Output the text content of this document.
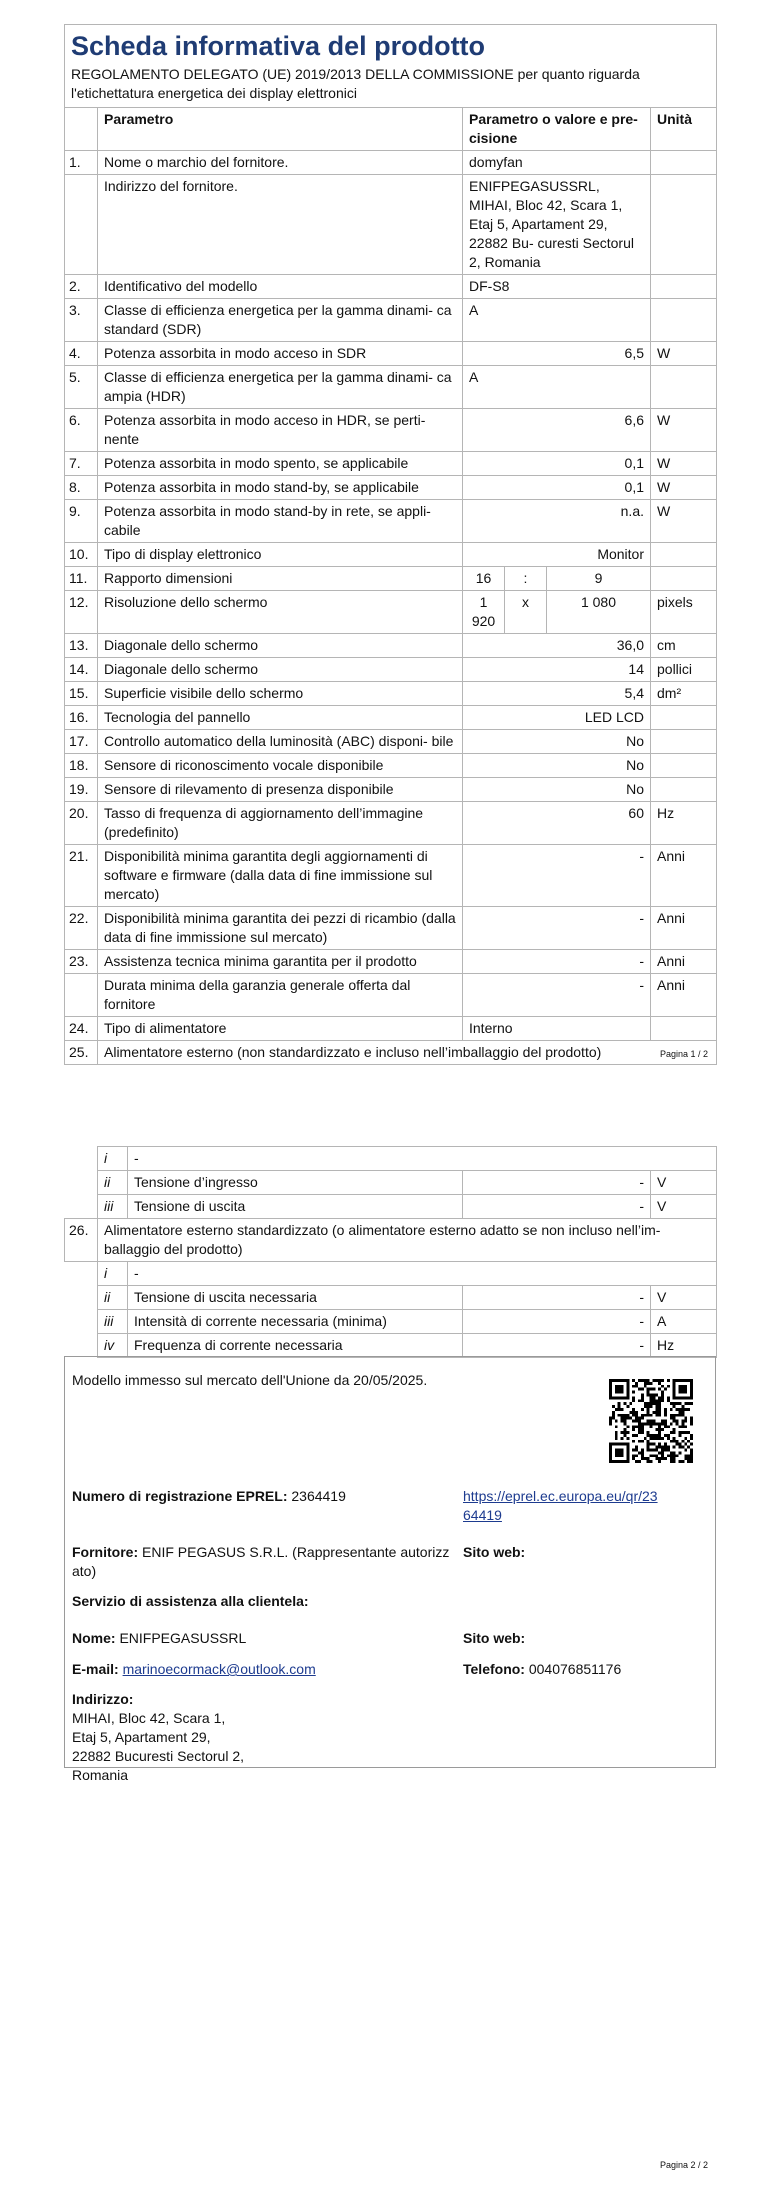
Scheda informativa del prodotto					
REGOLAMENTO DELEGATO (UE) 2019/2013 DELLA COMMISSIONE per quanto riguarda l'etichettatura energetica dei display elettronici					
	Parametro	Parametro o valore e pre- cisione			Unità
1.	Nome o marchio del fornitore.	domyfan			
	Indirizzo del fornitore.	ENIFPEGASUSSRL, MIHAI, Bloc 42, Scara 1, Etaj 5, Apartament 29, 22882 Bu- curesti Sectorul 2, Romania			
2.	Identificativo del modello	DF-S8			
3.	Classe di efficienza energetica per la gamma dinami- ca standard (SDR)	A			
4.	Potenza assorbita in modo acceso in SDR	6,5			W
5.	Classe di efficienza energetica per la gamma dinami- ca ampia (HDR)	A			
6.	Potenza assorbita in modo acceso in HDR, se perti- nente	6,6			W
7.	Potenza assorbita in modo spento, se applicabile	0,1			W
8.	Potenza assorbita in modo stand-by, se applicabile	0,1			W
9.	Potenza assorbita in modo stand-by in rete, se appli- cabile	n.a.			W
10.	Tipo di display elettronico	Monitor			
11.	Rapporto dimensioni	16	:	9	
12.	Risoluzione dello schermo	1 920	x	1 080	pixels
13.	Diagonale dello schermo	36,0			cm
14.	Diagonale dello schermo	14			pollici
15.	Superficie visibile dello schermo	5,4			dm²
16.	Tecnologia del pannello	LED LCD			
17.	Controllo automatico della luminosità (ABC) disponi- bile	No			
18.	Sensore di riconoscimento vocale disponibile	No			
19.	Sensore di rilevamento di presenza disponibile	No			
20.	Tasso di frequenza di aggiornamento dell’immagine (predefinito)	60			Hz
21.	Disponibilità minima garantita degli aggiornamenti di software e firmware (dalla data di fine immissione sul mercato)	-			Anni
22.	Disponibilità minima garantita dei pezzi di ricambio (dalla data di fine immissione sul mercato)	-			Anni
23.	Assistenza tecnica minima garantita per il prodotto	-			Anni
	Durata minima della garanzia generale offerta dal fornitore	-			Anni
24.	Tipo di alimentatore	Interno			
25.	Alimentatore esterno (non standardizzato e incluso nell’imballaggio del prodotto)					Pagina 1 / 2
	i	-		
	ii	Tensione d’ingresso	-	V
	iii	Tensione di uscita	-	V
26.	Alimentatore esterno standardizzato (o alimentatore esterno adatto se non incluso nell’im- ballaggio del prodotto)			
	i	-		
	ii	Tensione di uscita necessaria	-	V
	iii	Intensità di corrente necessaria (minima)	-	A
	iv	Frequenza di corrente necessaria	-	Hz
Modello immesso sul mercato dell'Unione da 20/05/2025.
Numero di registrazione EPREL: 2364419	https://eprel.ec.europa.eu/qr/23
64419
Fornitore: ENIF PEGASUS S.R.L. (Rappresentante autorizz
ato)
Sito web:
Servizio di assistenza alla clientela:
Nome: ENIFPEGASUSSRL	Sito web:
E-mail: marinoecormack@outlook.com	Telefono: 004076851176
Indirizzo:
MIHAI, Bloc 42, Scara 1,
Etaj 5, Apartament 29,
22882 Bucuresti Sectorul 2,
Romania
Pagina 2 / 2
